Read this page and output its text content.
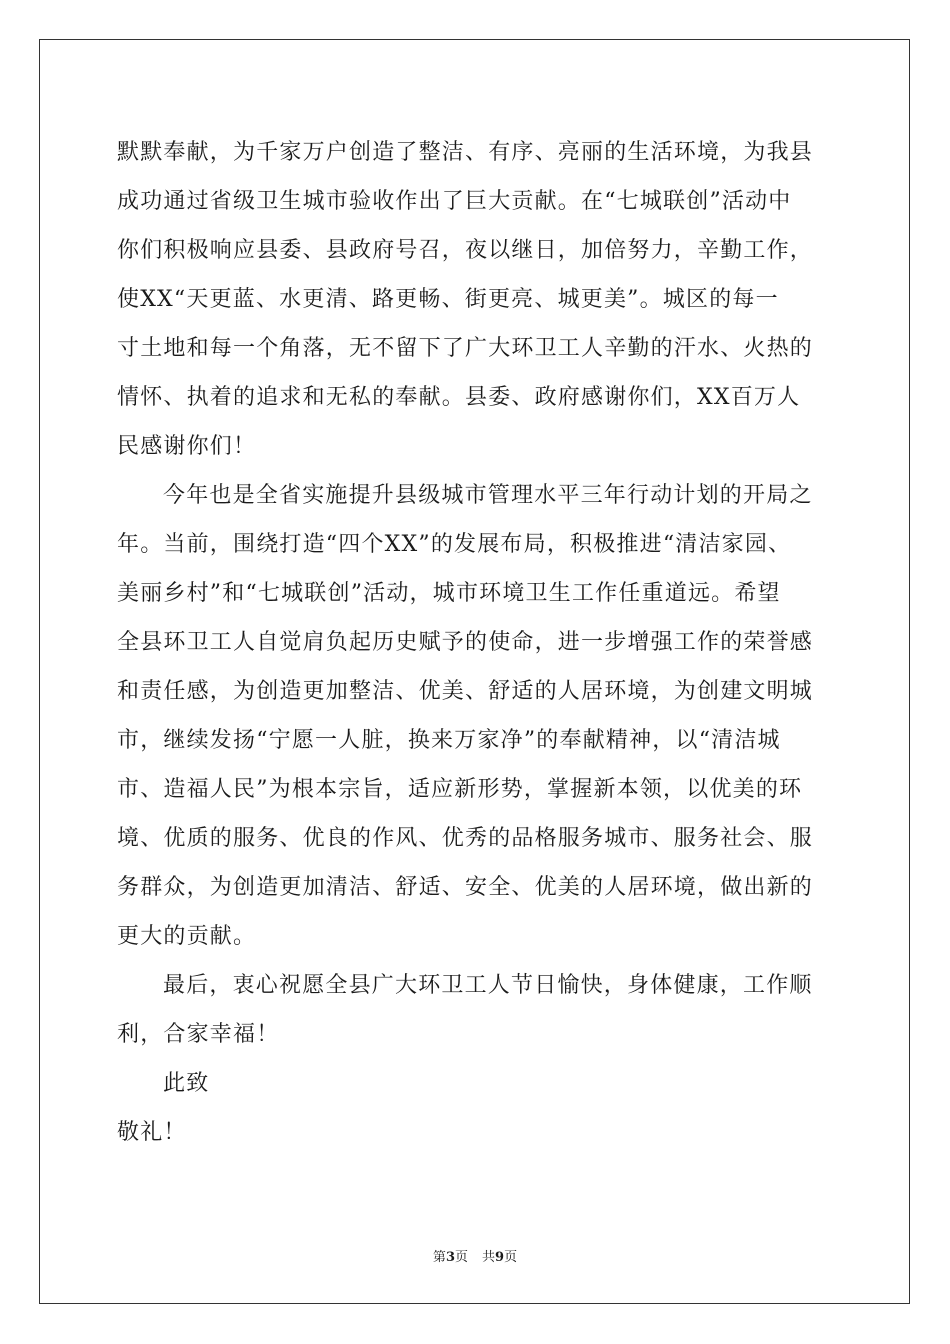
默默奉献，为千家万户创造了整洁、有序、亮丽的生活环境，为我县
成功通过省级卫生城市验收作出了巨大贡献。在“七城联创”活动中
你们积极响应县委、县政府号召，夜以继日，加倍努力，辛勤工作，
使XX“天更蓝、水更清、路更畅、街更亮、城更美”。城区的每一
寸土地和每一个角落，无不留下了广大环卫工人辛勤的汗水、火热的
情怀、执着的追求和无私的奉献。县委、政府感谢你们，XX百万人
民感谢你们！
今年也是全省实施提升县级城市管理水平三年行动计划的开局之
年。当前，围绕打造“四个XX”的发展布局，积极推进“清洁家园、
美丽乡村”和“七城联创”活动，城市环境卫生工作任重道远。希望
全县环卫工人自觉肩负起历史赋予的使命，进一步增强工作的荣誉感
和责任感，为创造更加整洁、优美、舒适的人居环境，为创建文明城
市，继续发扬“宁愿一人脏，换来万家净”的奉献精神，以“清洁城
市、造福人民”为根本宗旨，适应新形势，掌握新本领，以优美的环
境、优质的服务、优良的作风、优秀的品格服务城市、服务社会、服
务群众，为创造更加清洁、舒适、安全、优美的人居环境，做出新的
更大的贡献。
最后，衷心祝愿全县广大环卫工人节日愉快，身体健康，工作顺
利，合家幸福！
此致
敬礼！
第3页 共9页
